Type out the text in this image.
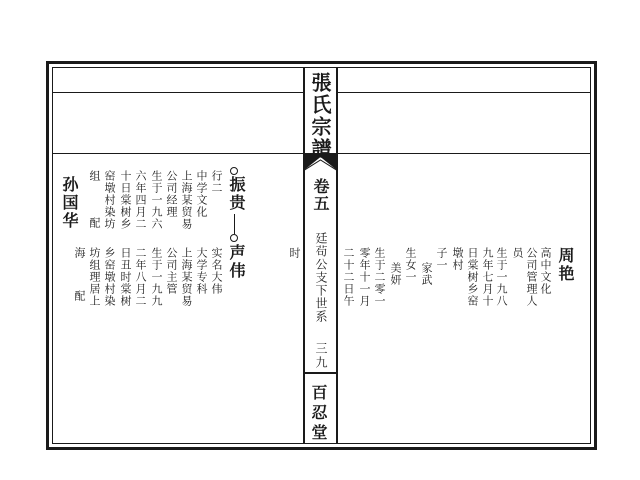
張氏宗譜
卷五
廷茍公支下世系
三九
百忍堂
周艳
高中文化
公司管理人
员
生于一九八
九年七月十
日棠树乡窑
墩村
子一
家武
生女一
美妍
生于二零一
零年十一月
二十二日午
时
振贵
声伟
行二
中学文化
上海某贸易
公司经理
生于一九六
六年四月二
十日棠树乡
窑墩村染坊
组
配
孙国华
实名大伟
大学专科
上海某贸易
公司主管
生于一九九
二年八月二
日丑时棠树
乡窑墩村染
坊组理居上
海
配
